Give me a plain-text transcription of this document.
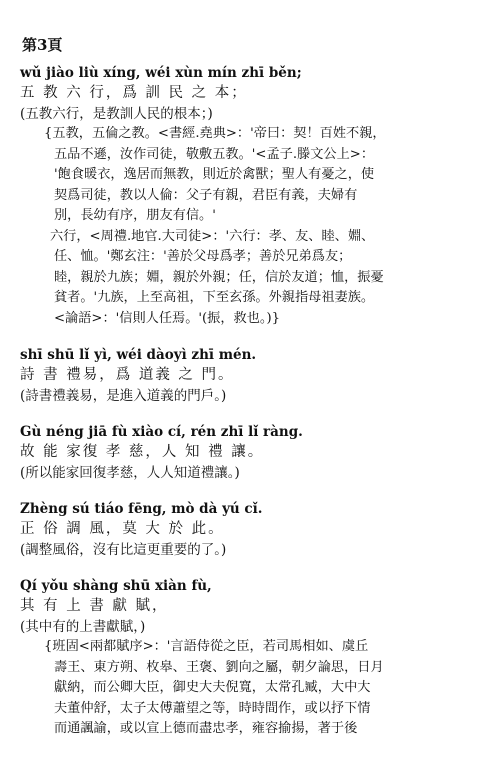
第3頁
wǔ jiào liù xíng, wéi xùn mín zhī běn;
五 教 六 行，爲 訓 民 之 本；
(五教六行，是教訓人民的根本；)
{五教，五倫之教。<書經.堯典>：'帝曰：契！百姓不親，
五品不遜，汝作司徒，敬敷五教。'<孟子.滕文公上>：
'飽食暖衣，逸居而無教，則近於禽獸；聖人有憂之，使
契爲司徒，教以人倫：父子有親，君臣有義，夫婦有
別，長幼有序，朋友有信。'
六行，<周禮.地官.大司徒>：'六行：孝、友、睦、婣、
任、恤。'鄭玄注：'善於父母爲孝；善於兄弟爲友；
睦，親於九族；婣，親於外親；任，信於友道；恤，振憂
貧者。'九族，上至高祖，下至玄孫。外親指母祖妻族。
<論語>：'信則人任焉。'(振，救也。)}
shī shū lǐ yì, wéi dàoyì zhī mén.
詩 書 禮易，爲 道義 之 門。
(詩書禮義易，是進入道義的門戶。)
Gù néng jiā fù xiào cí, rén zhī lǐ ràng.
故 能 家復 孝 慈，人 知 禮 讓。
(所以能家回復孝慈，人人知道禮讓。)
Zhèng sú tiáo fēng, mò dà yú cǐ.
正 俗 調 風，莫 大 於 此。
(調整風俗，沒有比這更重要的了。)
Qí yǒu shàng shū xiàn fù,
其 有 上 書 獻 賦，
(其中有的上書獻賦，)
{班固<兩都賦序>：'言語侍從之臣，若司馬相如、虞丘
壽王、東方朔、枚皋、王褒、劉向之屬，朝夕論思，日月
獻納，而公卿大臣，御史大夫倪寬，太常孔臧，大中大
夫董仲舒，太子太傅蕭望之等，時時間作，或以抒下情
而通諷諭，或以宣上德而盡忠孝，雍容揄揚，著于後
